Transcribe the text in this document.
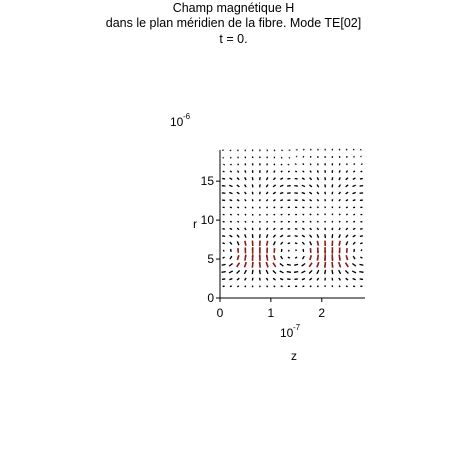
Champ magnétique H
dans le plan méridien de la fibre. Mode TE[02]
t = 0.
0	1	2
0
5
10
15
10 -6
10 -7
r
z
